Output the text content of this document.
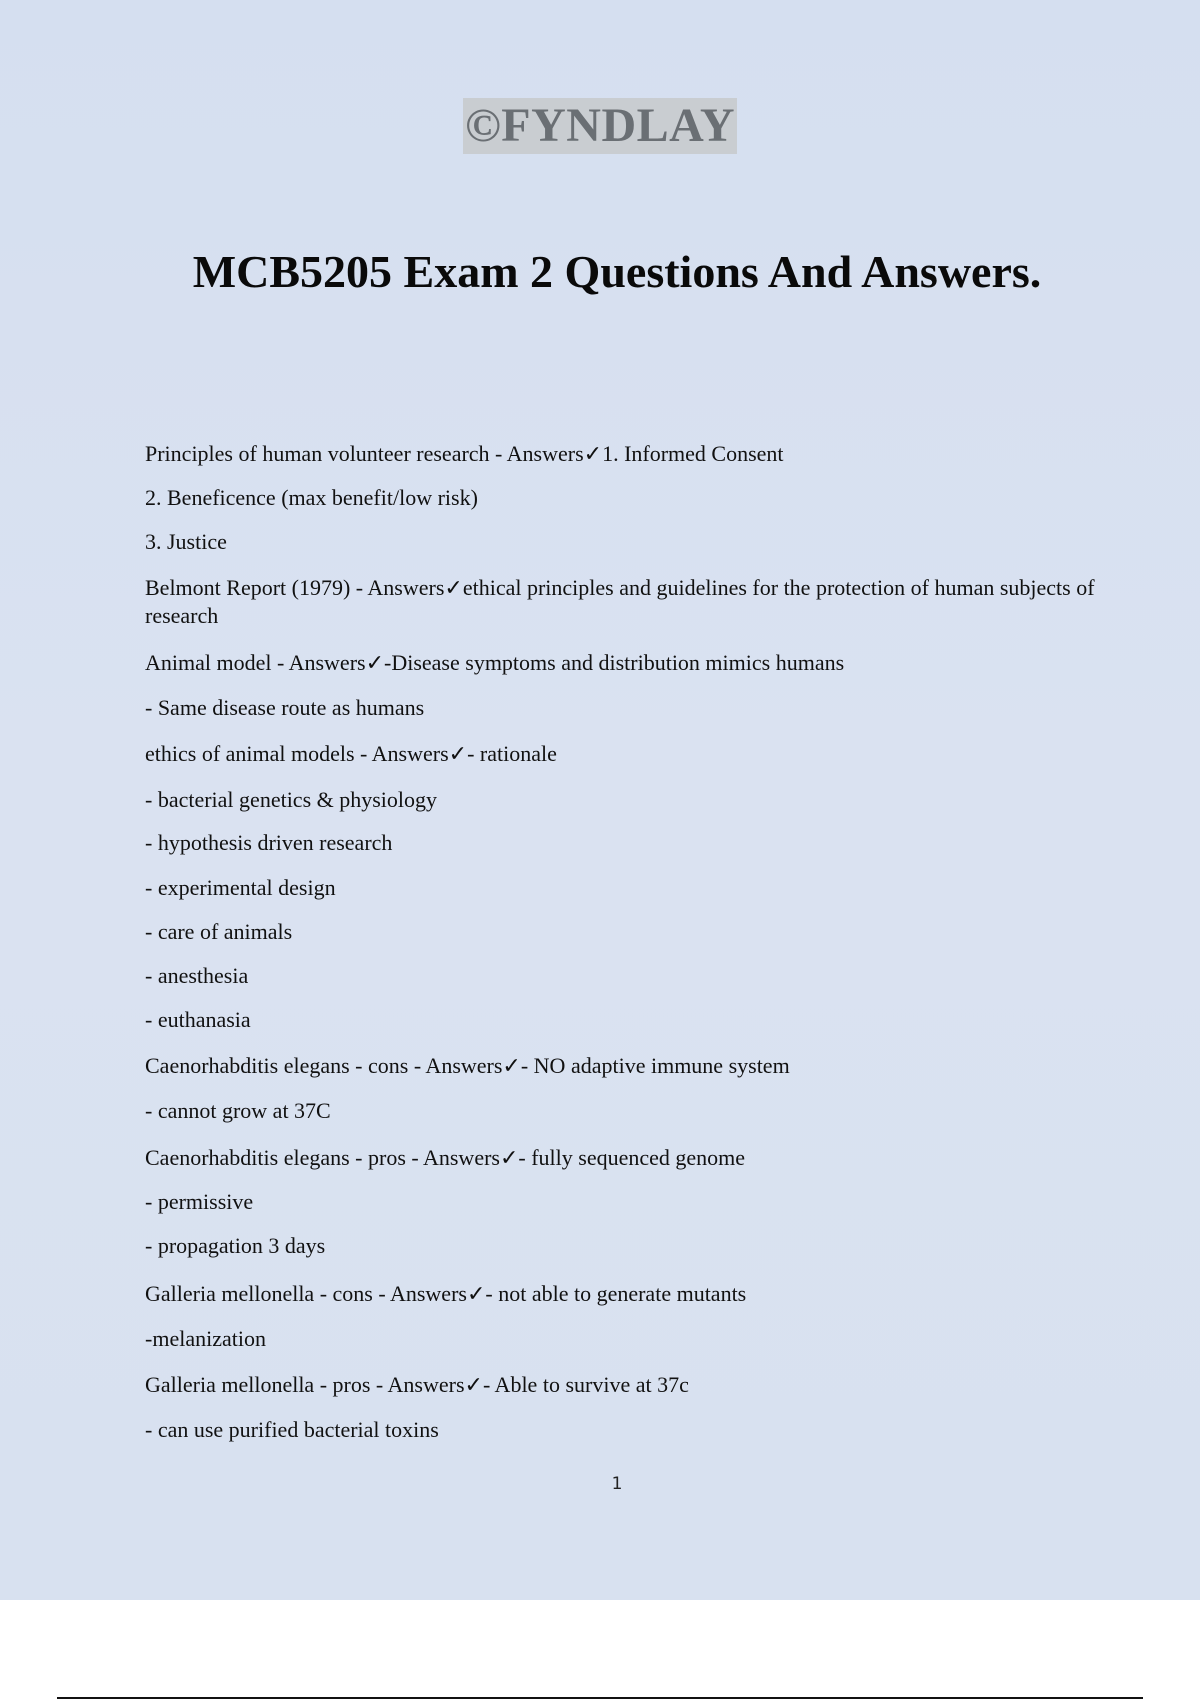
©FYNDLAY
MCB5205 Exam 2 Questions And Answers.
Principles of human volunteer research - Answers✓1. Informed Consent
2. Beneficence (max benefit/low risk)
3. Justice
Belmont Report (1979) - Answers✓ethical principles and guidelines for the protection of human subjects of research
Animal model - Answers✓-Disease symptoms and distribution mimics humans
- Same disease route as humans
ethics of animal models - Answers✓- rationale
- bacterial genetics & physiology
- hypothesis driven research
- experimental design
- care of animals
- anesthesia
- euthanasia
Caenorhabditis elegans - cons - Answers✓- NO adaptive immune system
- cannot grow at 37C
Caenorhabditis elegans - pros - Answers✓- fully sequenced genome
- permissive
- propagation 3 days
Galleria mellonella - cons - Answers✓- not able to generate mutants
-melanization
Galleria mellonella - pros - Answers✓- Able to survive at 37c
- can use purified bacterial toxins
1
